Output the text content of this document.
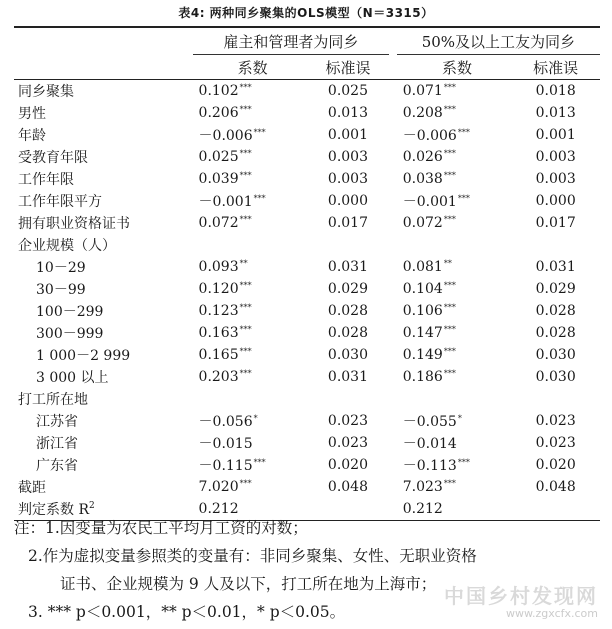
表4: 两种同乡聚集的OLS模型（N＝3315）
	雇主和管理者为同乡			50%及以上工友为同乡	
	系数	标准误		系数	标准误
同乡聚集	0.102***	0.025		0.071***	0.018
男性	0.206***	0.013		0.208***	0.013
年龄	－0.006***	0.001		－0.006***	0.001
受教育年限	0.025***	0.003		0.026***	0.003
工作年限	0.039***	0.003		0.038***	0.003
工作年限平方	－0.001***	0.000		－0.001***	0.000
拥有职业资格证书	0.072***	0.017		0.072***	0.017
企业规模（人）					
10－29	0.093**	0.031		0.081**	0.031
30－99	0.120***	0.029		0.104***	0.029
100－299	0.123***	0.028		0.106***	0.028
300－999	0.163***	0.028		0.147***	0.028
1 000－2 999	0.165***	0.030		0.149***	0.030
3 000 以上	0.203***	0.031		0.186***	0.030
打工所在地					
江苏省	－0.056*	0.023		－0.055*	0.023
浙江省	－0.015	0.023		－0.014	0.023
广东省	－0.115***	0.020		－0.113***	0.020
截距	7.020***	0.048		7.023***	0.048
判定系数 $R^2$	0.212			0.212	
注：1.因变量为农民工平均月工资的对数；
2.作为虚拟变量参照类的变量有：非同乡聚集、女性、无职业资格
证书、企业规模为 9 人及以下，打工所在地为上海市；
3. *** p＜0.001，** p＜0.01，* p＜0.05。
中国乡村发现网
www.zgxcfx.com
